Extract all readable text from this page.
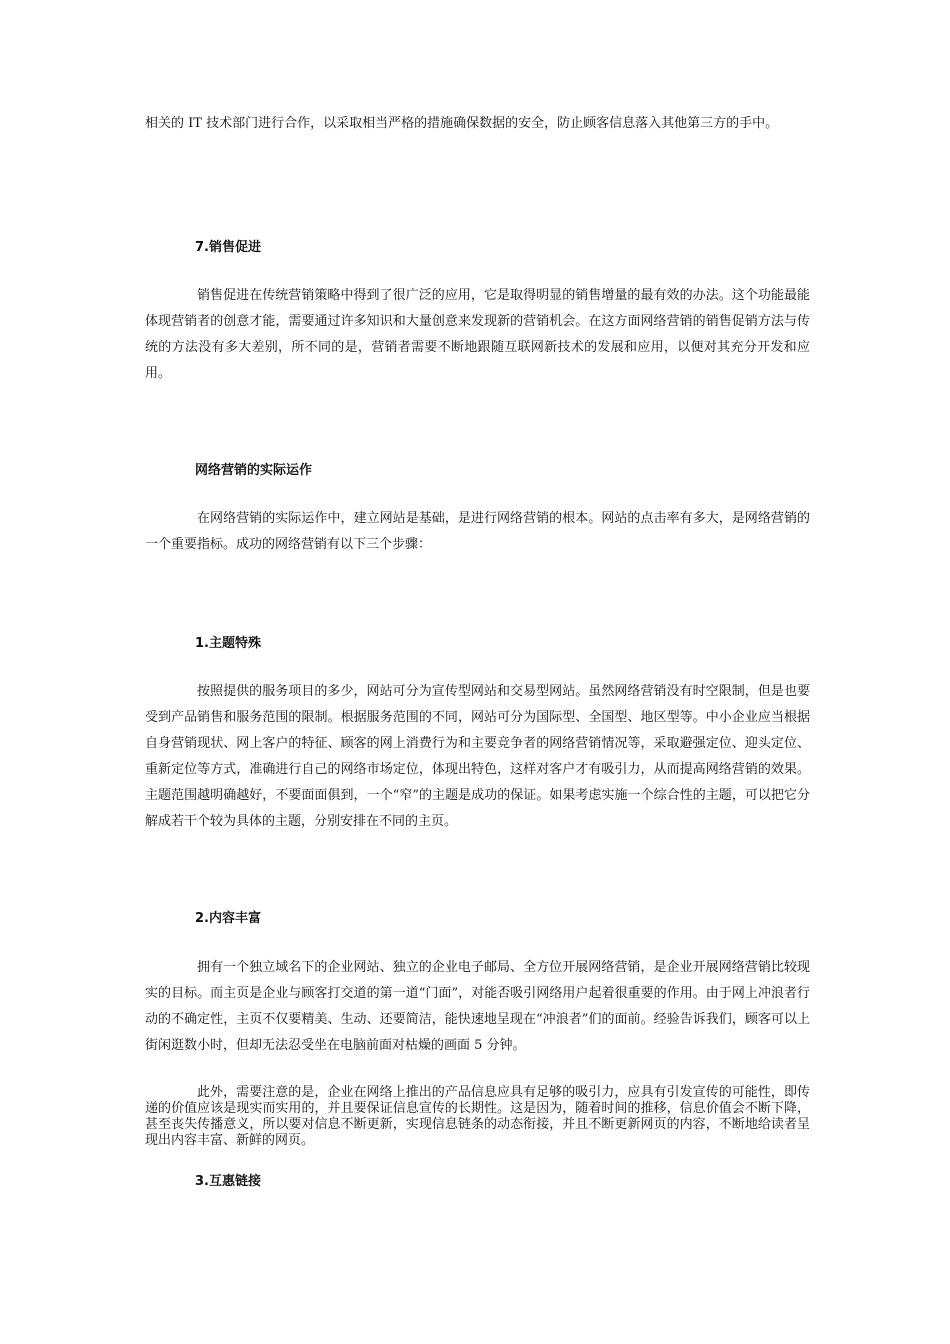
相关的 IT 技术部门进行合作，以采取相当严格的措施确保数据的安全，防止顾客信息落入其他第三方的手中。

7.销售促进

销售促进在传统营销策略中得到了很广泛的应用，它是取得明显的销售增量的最有效的办法。这个功能最能体现营销者的创意才能，需要通过许多知识和大量创意来发现新的营销机会。在这方面网络营销的销售促销方法与传统的方法没有多大差别，所不同的是，营销者需要不断地跟随互联网新技术的发展和应用，以便对其充分开发和应用。

网络营销的实际运作

在网络营销的实际运作中，建立网站是基础，是进行网络营销的根本。网站的点击率有多大，是网络营销的一个重要指标。成功的网络营销有以下三个步骤：

1.主题特殊

按照提供的服务项目的多少，网站可分为宣传型网站和交易型网站。虽然网络营销没有时空限制，但是也要受到产品销售和服务范围的限制。根据服务范围的不同，网站可分为国际型、全国型、地区型等。中小企业应当根据自身营销现状、网上客户的特征、顾客的网上消费行为和主要竞争者的网络营销情况等，采取避强定位、迎头定位、重新定位等方式，准确进行自己的网络市场定位，体现出特色，这样对客户才有吸引力，从而提高网络营销的效果。主题范围越明确越好，不要面面俱到，一个“窄”的主题是成功的保证。如果考虑实施一个综合性的主题，可以把它分解成若干个较为具体的主题，分别安排在不同的主页。

2.内容丰富

拥有一个独立域名下的企业网站、独立的企业电子邮局、全方位开展网络营销，是企业开展网络营销比较现实的目标。而主页是企业与顾客打交道的第一道“门面”，对能否吸引网络用户起着很重要的作用。由于网上冲浪者行动的不确定性，主页不仅要精美、生动、还要简洁，能快速地呈现在“冲浪者”们的面前。经验告诉我们，顾客可以上街闲逛数小时，但却无法忍受坐在电脑前面对枯燥的画面 5 分钟。

此外，需要注意的是，企业在网络上推出的产品信息应具有足够的吸引力，应具有引发宣传的可能性，即传递的价值应该是现实而实用的，并且要保证信息宣传的长期性。这是因为，随着时间的推移，信息价值会不断下降，甚至丧失传播意义，所以要对信息不断更新，实现信息链条的动态衔接，并且不断更新网页的内容，不断地给读者呈现出内容丰富、新鲜的网页。

3.互惠链接
